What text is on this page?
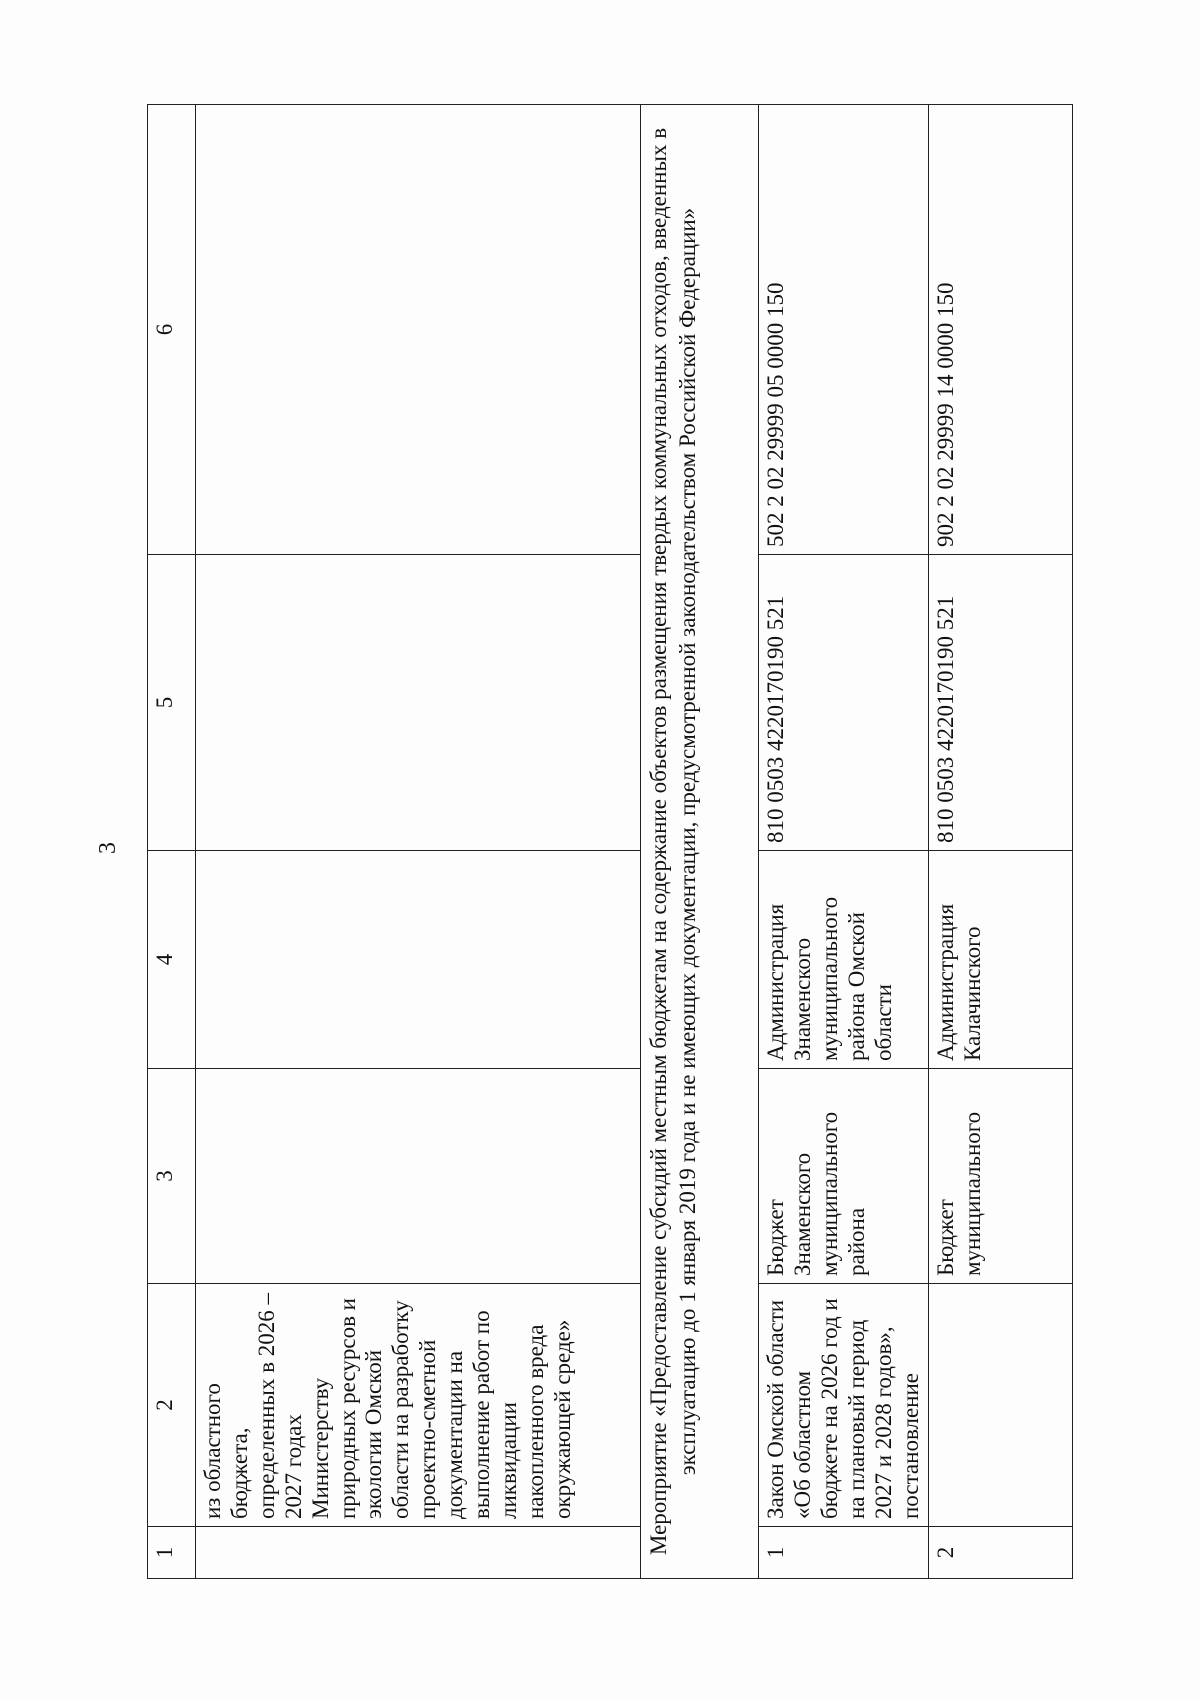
3
1	2	3	4	5	6
	из областного бюджета, определенных в 2026 – 2027 годах Министерству природных ресурсов и экологии Омской области на разработку проектно-сметной документации на выполнение работ по ликвидации накопленного вреда окружающей среде»				
Мероприятие «Предоставление субсидий местным бюджетам на содержание объектов размещения твердых коммунальных отходов, введенных в эксплуатацию до 1 января 2019 года и не имеющих документации, предусмотренной законодательством Российской Федерации»					
1	Закон Омской области «Об областном бюджете на 2026 год и на плановый период 2027 и 2028 годов», постановление	Бюджет Знаменского муниципального района	Администрация Знаменского муниципального района Омской области	810 0503 4220170190 521	502 2 02 29999 05 0000 150
2		Бюджет муниципального	Администрация Калачинского	810 0503 4220170190 521	902 2 02 29999 14 0000 150
